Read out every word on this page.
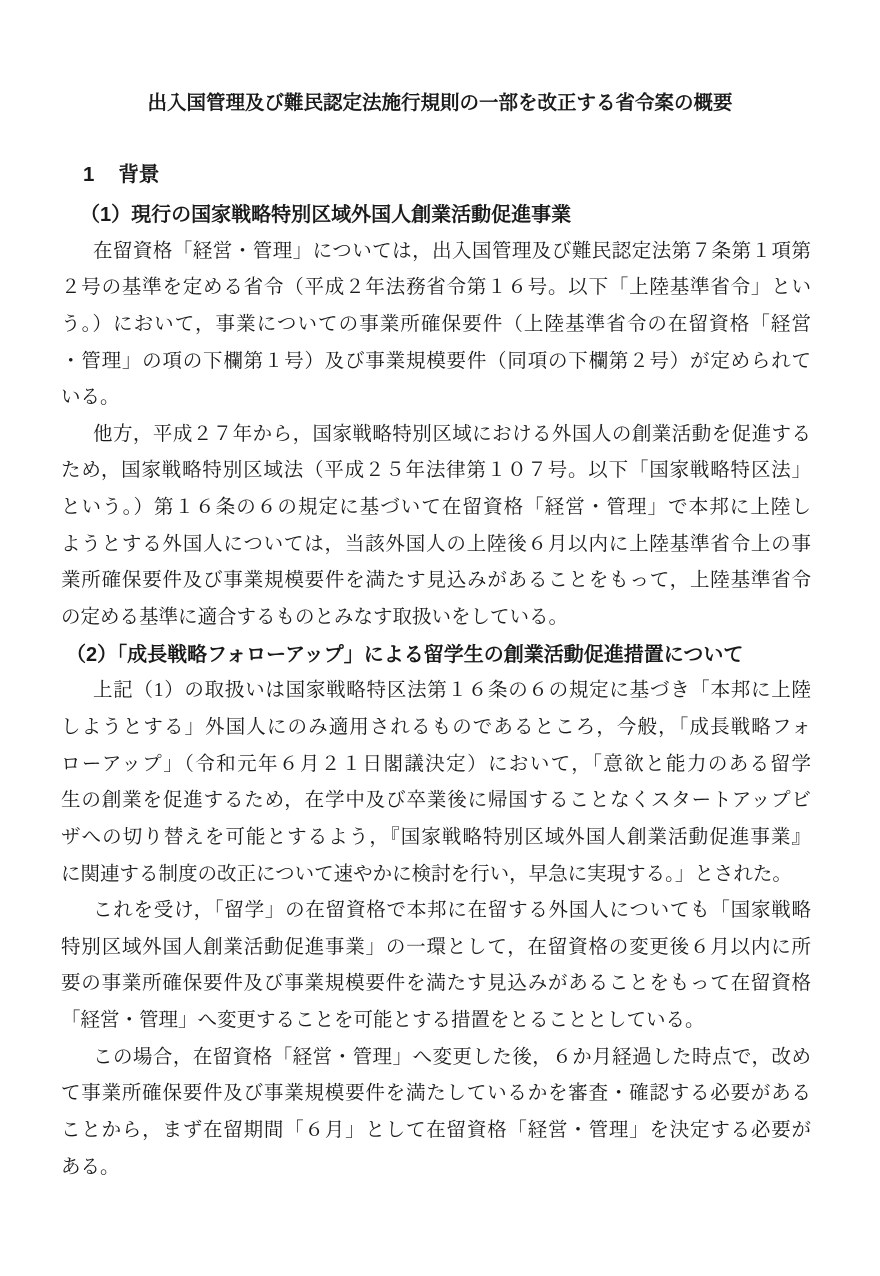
出入国管理及び難民認定法施行規則の一部を改正する省令案の概要
1 背景
（1）現行の国家戦略特別区域外国人創業活動促進事業
在留資格「経営・管理」については，出入国管理及び難民認定法第７条第１項第
２号の基準を定める省令（平成２年法務省令第１６号。以下「上陸基準省令」とい
う。）において，事業についての事業所確保要件（上陸基準省令の在留資格「経営
・管理」の項の下欄第１号）及び事業規模要件（同項の下欄第２号）が定められて
いる。
他方，平成２７年から，国家戦略特別区域における外国人の創業活動を促進する
ため，国家戦略特別区域法（平成２５年法律第１０７号。以下「国家戦略特区法」
という。）第１６条の６の規定に基づいて在留資格「経営・管理」で本邦に上陸し
ようとする外国人については，当該外国人の上陸後６月以内に上陸基準省令上の事
業所確保要件及び事業規模要件を満たす見込みがあることをもって，上陸基準省令
の定める基準に適合するものとみなす取扱いをしている。
（2）「成長戦略フォローアップ」による留学生の創業活動促進措置について
上記（1）の取扱いは国家戦略特区法第１６条の６の規定に基づき「本邦に上陸
しようとする」外国人にのみ適用されるものであるところ，今般，「成長戦略フォ
ローアップ」（令和元年６月２１日閣議決定）において，「意欲と能力のある留学
生の創業を促進するため，在学中及び卒業後に帰国することなくスタートアップビ
ザへの切り替えを可能とするよう，『国家戦略特別区域外国人創業活動促進事業』
に関連する制度の改正について速やかに検討を行い，早急に実現する。」とされた。
これを受け，「留学」の在留資格で本邦に在留する外国人についても「国家戦略
特別区域外国人創業活動促進事業」の一環として，在留資格の変更後６月以内に所
要の事業所確保要件及び事業規模要件を満たす見込みがあることをもって在留資格
「経営・管理」へ変更することを可能とする措置をとることとしている。
この場合，在留資格「経営・管理」へ変更した後，６か月経過した時点で，改め
て事業所確保要件及び事業規模要件を満たしているかを審査・確認する必要がある
ことから，まず在留期間「６月」として在留資格「経営・管理」を決定する必要が
ある。
